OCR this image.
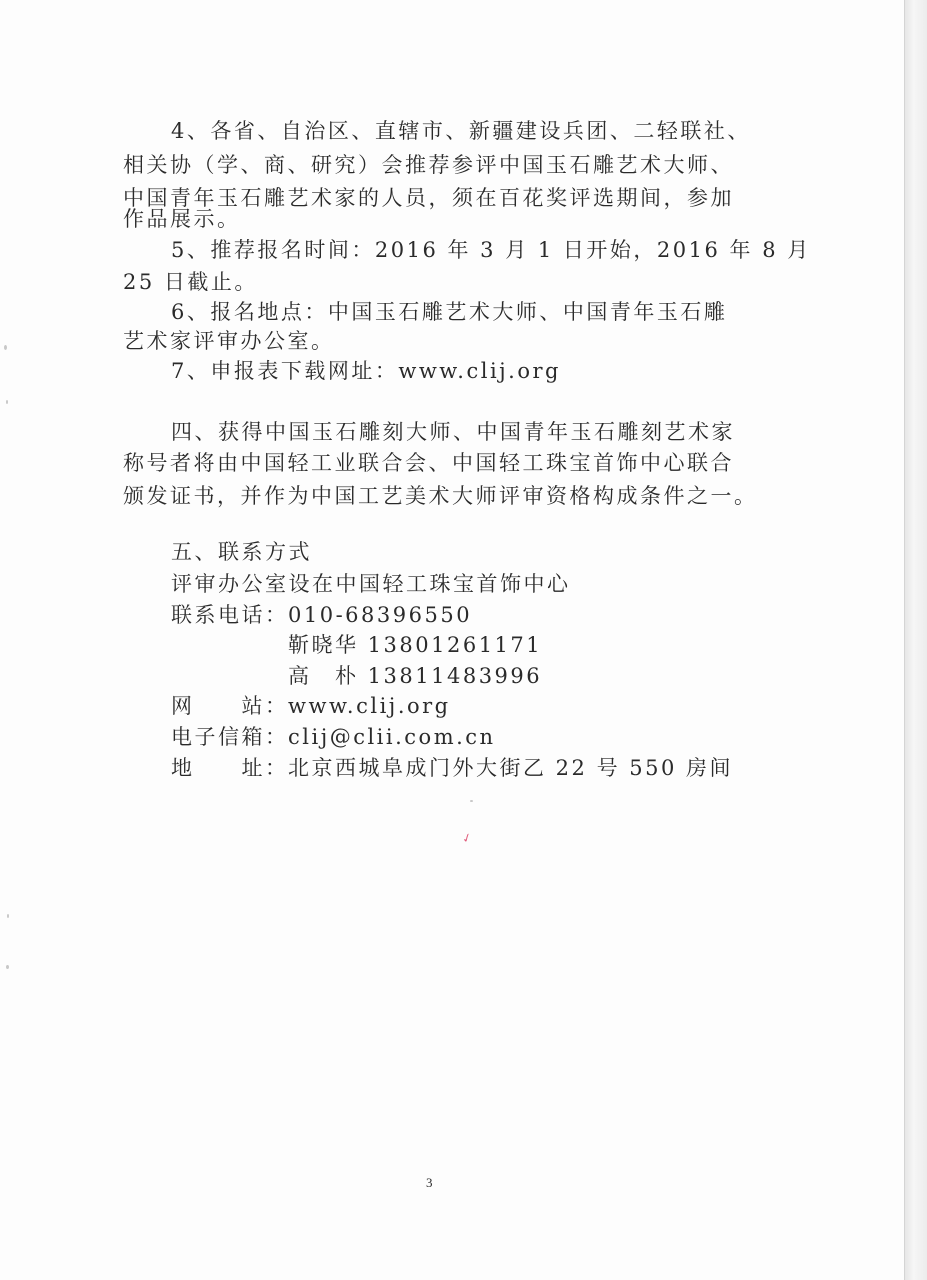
4、各省、自治区、直辖市、新疆建设兵团、二轻联社、
相关协（学、商、研究）会推荐参评中国玉石雕艺术大师、
中国青年玉石雕艺术家的人员，须在百花奖评选期间，参加
作品展示。
5、推荐报名时间：2016 年 3 月 1 日开始，2016 年 8 月
25 日截止。
6、报名地点：中国玉石雕艺术大师、中国青年玉石雕
艺术家评审办公室。
7、申报表下载网址：www.clij.org
四、获得中国玉石雕刻大师、中国青年玉石雕刻艺术家
称号者将由中国轻工业联合会、中国轻工珠宝首饰中心联合
颁发证书，并作为中国工艺美术大师评审资格构成条件之一。
五、联系方式
评审办公室设在中国轻工珠宝首饰中心
联系电话： 010-68396550
靳晓华 13801261171
高　朴 13811483996
网　　站： www.clij.org
电子信箱： clij@clii.com.cn
地　　址： 北京西城阜成门外大街乙 22 号 550 房间
✓
3
